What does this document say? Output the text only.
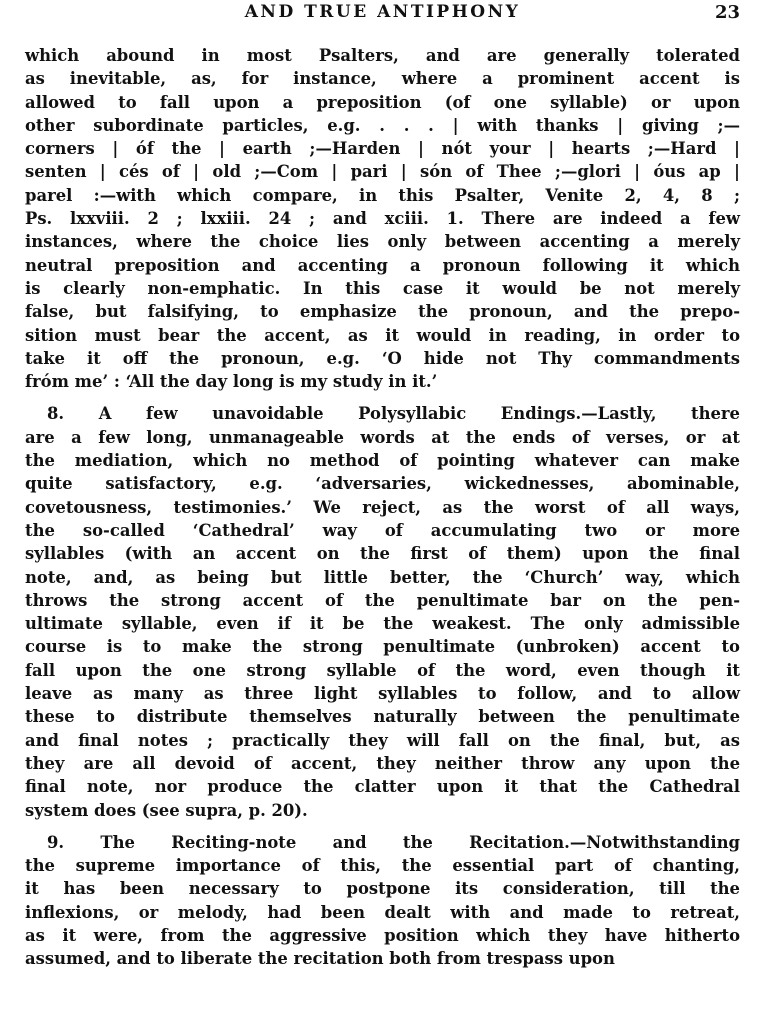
AND TRUE ANTIPHONY	23
which abound in most Psalters, and are generally tolerated
as inevitable, as, for instance, where a prominent accent is
allowed to fall upon a preposition (of one syllable) or upon
other subordinate particles, e.g. . . . | with thanks | giving ;—
corners | óf the | earth ;—Harden | nót your | hearts ;—Hard |
senten | cés of | old ;—Com | pari | són of Thee ;—glori | óus ap |
parel :—with which compare, in this Psalter, Venite 2, 4, 8 ;
Ps. lxxviii. 2 ; lxxiii. 24 ; and xciii. 1. There are indeed a few
instances, where the choice lies only between accenting a merely
neutral preposition and accenting a pronoun following it which
is clearly non-emphatic. In this case it would be not merely
false, but falsifying, to emphasize the pronoun, and the prepo-
sition must bear the accent, as it would in reading, in order to
take it off the pronoun, e.g. ‘O hide not Thy commandments
fróm me’ : ‘All the day long is my study in it.’
8. A few unavoidable Polysyllabic Endings.—Lastly, there
are a few long, unmanageable words at the ends of verses, or at
the mediation, which no method of pointing whatever can make
quite satisfactory, e.g. ‘adversaries, wickednesses, abominable,
covetousness, testimonies.’ We reject, as the worst of all ways,
the so-called ‘Cathedral’ way of accumulating two or more
syllables (with an accent on the first of them) upon the final
note, and, as being but little better, the ‘Church’ way, which
throws the strong accent of the penultimate bar on the pen-
ultimate syllable, even if it be the weakest. The only admissible
course is to make the strong penultimate (unbroken) accent to
fall upon the one strong syllable of the word, even though it
leave as many as three light syllables to follow, and to allow
these to distribute themselves naturally between the penultimate
and final notes ; practically they will fall on the final, but, as
they are all devoid of accent, they neither throw any upon the
final note, nor produce the clatter upon it that the Cathedral
system does (see supra, p. 20).
9. The Reciting-note and the Recitation.—Notwithstanding
the supreme importance of this, the essential part of chanting,
it has been necessary to postpone its consideration, till the
inflexions, or melody, had been dealt with and made to retreat,
as it were, from the aggressive position which they have hitherto
assumed, and to liberate the recitation both from trespass upon
